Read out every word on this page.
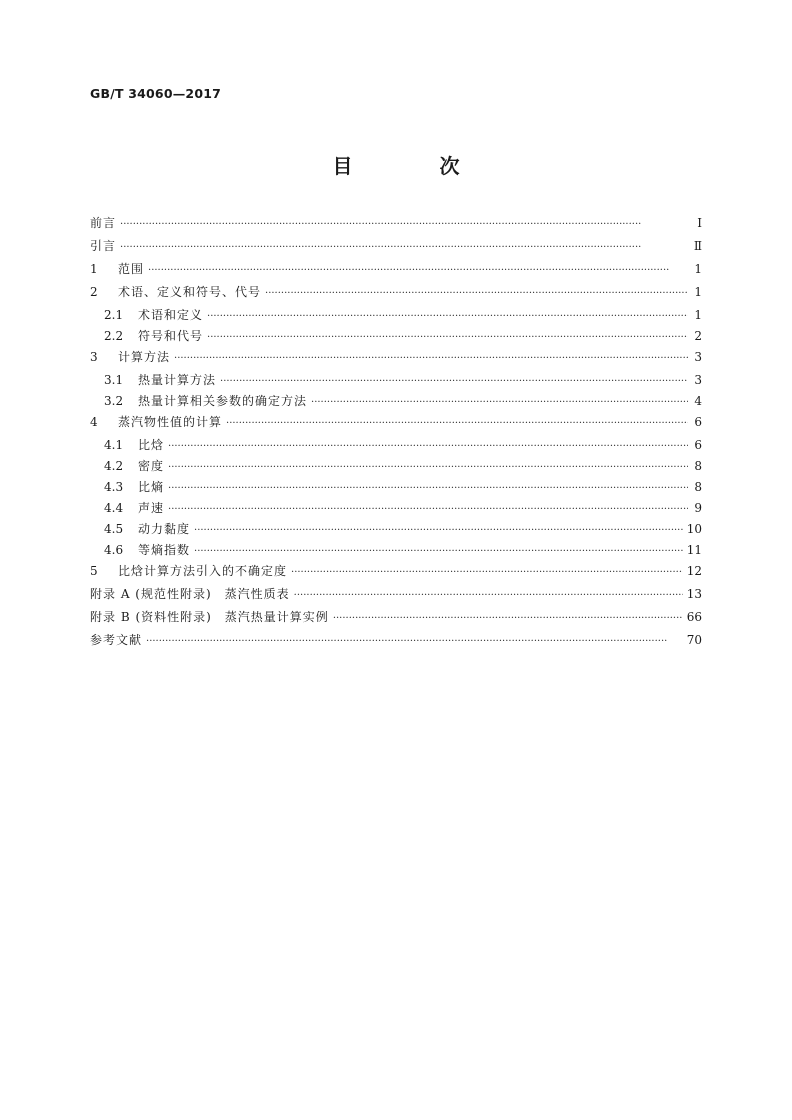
GB/T 34060—2017
目 次
前言 ·····	Ⅰ
引言 ·····	Ⅱ
1	范围 ·····	1
2	术语、定义和符号、代号 ·····	1
2.1	术语和定义 ·····	1
2.2	符号和代号 ·····	2
3	计算方法 ·····	3
3.1	热量计算方法 ·····	3
3.2	热量计算相关参数的确定方法 ·····	4
4	蒸汽物性值的计算 ·····	6
4.1	比焓 ·····	6
4.2	密度 ·····	8
4.3	比熵 ·····	8
4.4	声速 ·····	9
4.5	动力黏度 ·····	10
4.6	等熵指数 ·····	11
5	比焓计算方法引入的不确定度 ·····	12
附录 A (规范性附录)　蒸汽性质表 ·····	13
附录 B (资料性附录)　蒸汽热量计算实例 ·····	66
参考文献 ·····	70
